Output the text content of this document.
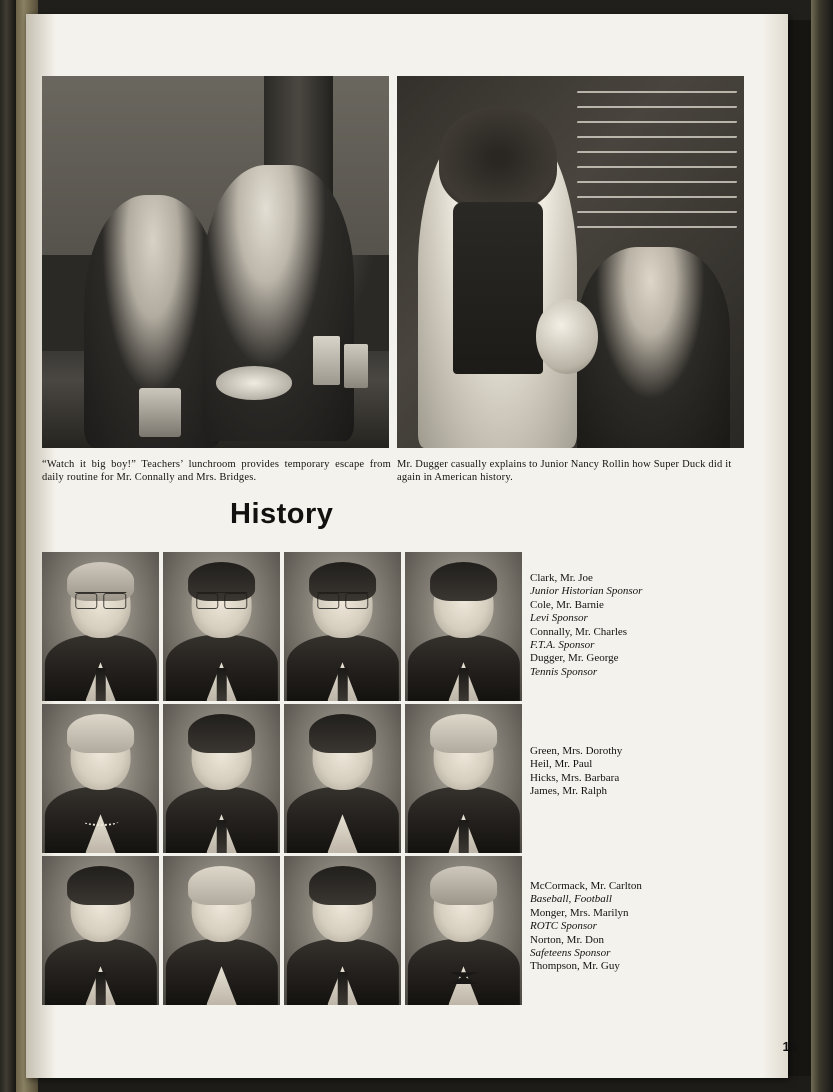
“Watch it big boy!” Teachers’ lunchroom provides temporary escape from daily routine for Mr. Connally and Mrs. Bridges.
Mr. Dugger casually explains to Junior Nancy Rollin how Super Duck did it again in American history.
History
Clark, Mr. Joe
Junior Historian Sponsor
Cole, Mr. Barnie
Levi Sponsor
Connally, Mr. Charles
F.T.A. Sponsor
Dugger, Mr. George
Tennis Sponsor
Green, Mrs. Dorothy
Heil, Mr. Paul
Hicks, Mrs. Barbara
James, Mr. Ralph
McCormack, Mr. Carlton
Baseball, Football
Monger, Mrs. Marilyn
ROTC Sponsor
Norton, Mr. Don
Safeteens Sponsor
Thompson, Mr. Guy
13
